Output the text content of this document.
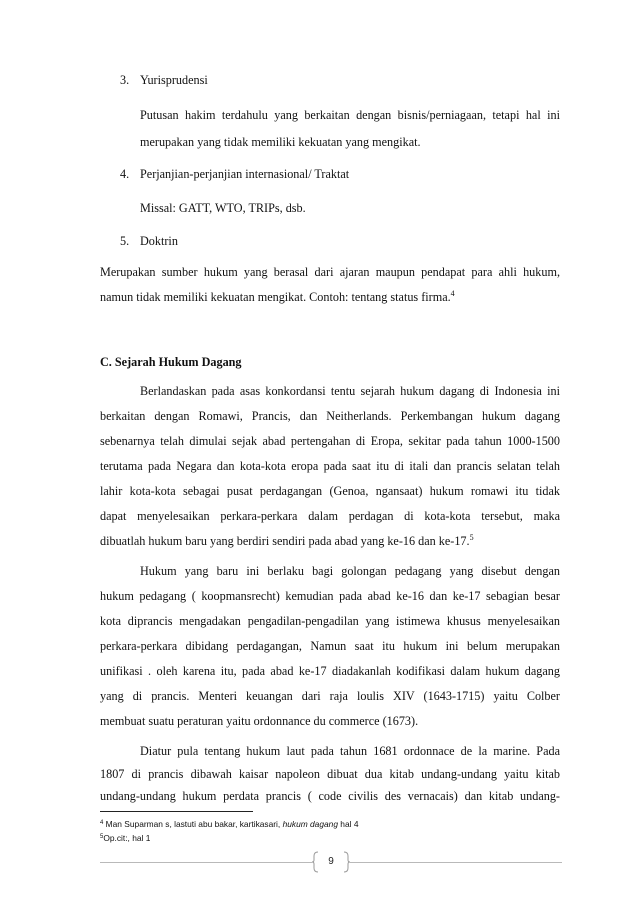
3. Yurisprudensi
Putusan hakim terdahulu yang berkaitan dengan bisnis/perniagaan, tetapi hal ini
merupakan yang tidak memiliki kekuatan yang mengikat.
4. Perjanjian-perjanjian internasional/ Traktat
Missal: GATT, WTO, TRIPs, dsb.
5. Doktrin
Merupakan sumber hukum yang berasal dari ajaran maupun pendapat para ahli hukum,
namun tidak memiliki kekuatan mengikat. Contoh: tentang status firma.$^4$
C. Sejarah Hukum Dagang
Berlandaskan pada asas konkordansi tentu sejarah hukum dagang di Indonesia ini
berkaitan dengan Romawi, Prancis, dan Neitherlands. Perkembangan hukum dagang
sebenarnya telah dimulai sejak abad pertengahan di Eropa, sekitar pada tahun 1000-1500
terutama pada Negara dan kota-kota eropa pada saat itu di itali dan prancis selatan telah
lahir kota-kota sebagai pusat perdagangan (Genoa, ngansaat) hukum romawi itu tidak
dapat menyelesaikan perkara-perkara dalam perdagan di kota-kota tersebut, maka
dibuatlah hukum baru yang berdiri sendiri pada abad yang ke-16 dan ke-17.$^5$
Hukum yang baru ini berlaku bagi golongan pedagang yang disebut dengan
hukum pedagang ( koopmansrecht) kemudian pada abad ke-16 dan ke-17 sebagian besar
kota diprancis mengadakan pengadilan-pengadilan yang istimewa khusus menyelesaikan
perkara-perkara dibidang perdagangan, Namun saat itu hukum ini belum merupakan
unifikasi . oleh karena itu, pada abad ke-17 diadakanlah kodifikasi dalam hukum dagang
yang di prancis. Menteri keuangan dari raja loulis XIV (1643-1715) yaitu Colber
membuat suatu peraturan yaitu ordonnance du commerce (1673).
Diatur pula tentang hukum laut pada tahun 1681 ordonnace de la marine. Pada
1807 di prancis dibawah kaisar napoleon dibuat dua kitab undang-undang yaitu kitab
undang-undang hukum perdata prancis ( code civilis des vernacais) dan kitab undang-
$^4$ Man Suparman s, lastuti abu bakar, kartikasari, hukum dagang hal 4
$^5$Op.cit:, hal 1
9
